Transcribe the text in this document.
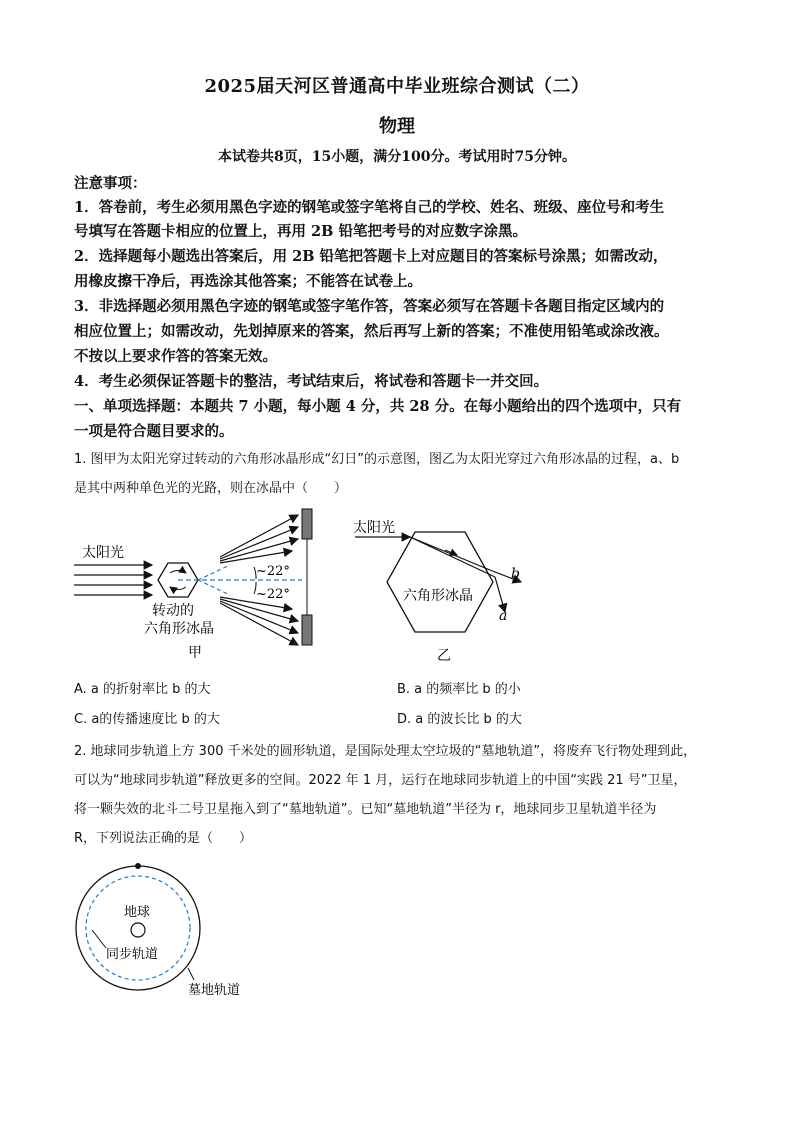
2025届天河区普通高中毕业班综合测试（二）
物理
本试卷共8页，15小题，满分100分。考试用时75分钟。
注意事项：
1．答卷前，考生必须用黑色字迹的钢笔或签字笔将自己的学校、姓名、班级、座位号和考生
号填写在答题卡相应的位置上，再用 2B 铅笔把考号的对应数字涂黑。
2．选择题每小题选出答案后，用 2B 铅笔把答题卡上对应题目的答案标号涂黑；如需改动，
用橡皮擦干净后，再选涂其他答案；不能答在试卷上。
3．非选择题必须用黑色字迹的钢笔或签字笔作答，答案必须写在答题卡各题目指定区域内的
相应位置上；如需改动，先划掉原来的答案，然后再写上新的答案；不准使用铅笔或涂改液。
不按以上要求作答的答案无效。
4．考生必须保证答题卡的整洁，考试结束后，将试卷和答题卡一并交回。
一、单项选择题：本题共 7 小题，每小题 4 分，共 28 分。在每小题给出的四个选项中，只有
一项是符合题目要求的。
1. 图甲为太阳光穿过转动的六角形冰晶形成“幻日”的示意图，图乙为太阳光穿过六角形冰晶的过程，a、b
是其中两种单色光的光路，则在冰晶中（　　）
太阳光
~22°
~22°
转动的
六角形冰晶
甲
太阳光
b
a
六角形冰晶
乙
A. a 的折射率比 b 的大	B. a 的频率比 b 的小
C. a的传播速度比 b 的大	D. a 的波长比 b 的大
2. 地球同步轨道上方 300 千米处的圆形轨道，是国际处理太空垃圾的“墓地轨道”，将废弃飞行物处理到此，
可以为“地球同步轨道”释放更多的空间。2022 年 1 月，运行在地球同步轨道上的中国“实践 21 号”卫星，
将一颗失效的北斗二号卫星拖入到了“墓地轨道”。已知“墓地轨道”半径为 r，地球同步卫星轨道半径为
R，下列说法正确的是（　　）
地球
同步轨道
墓地轨道
